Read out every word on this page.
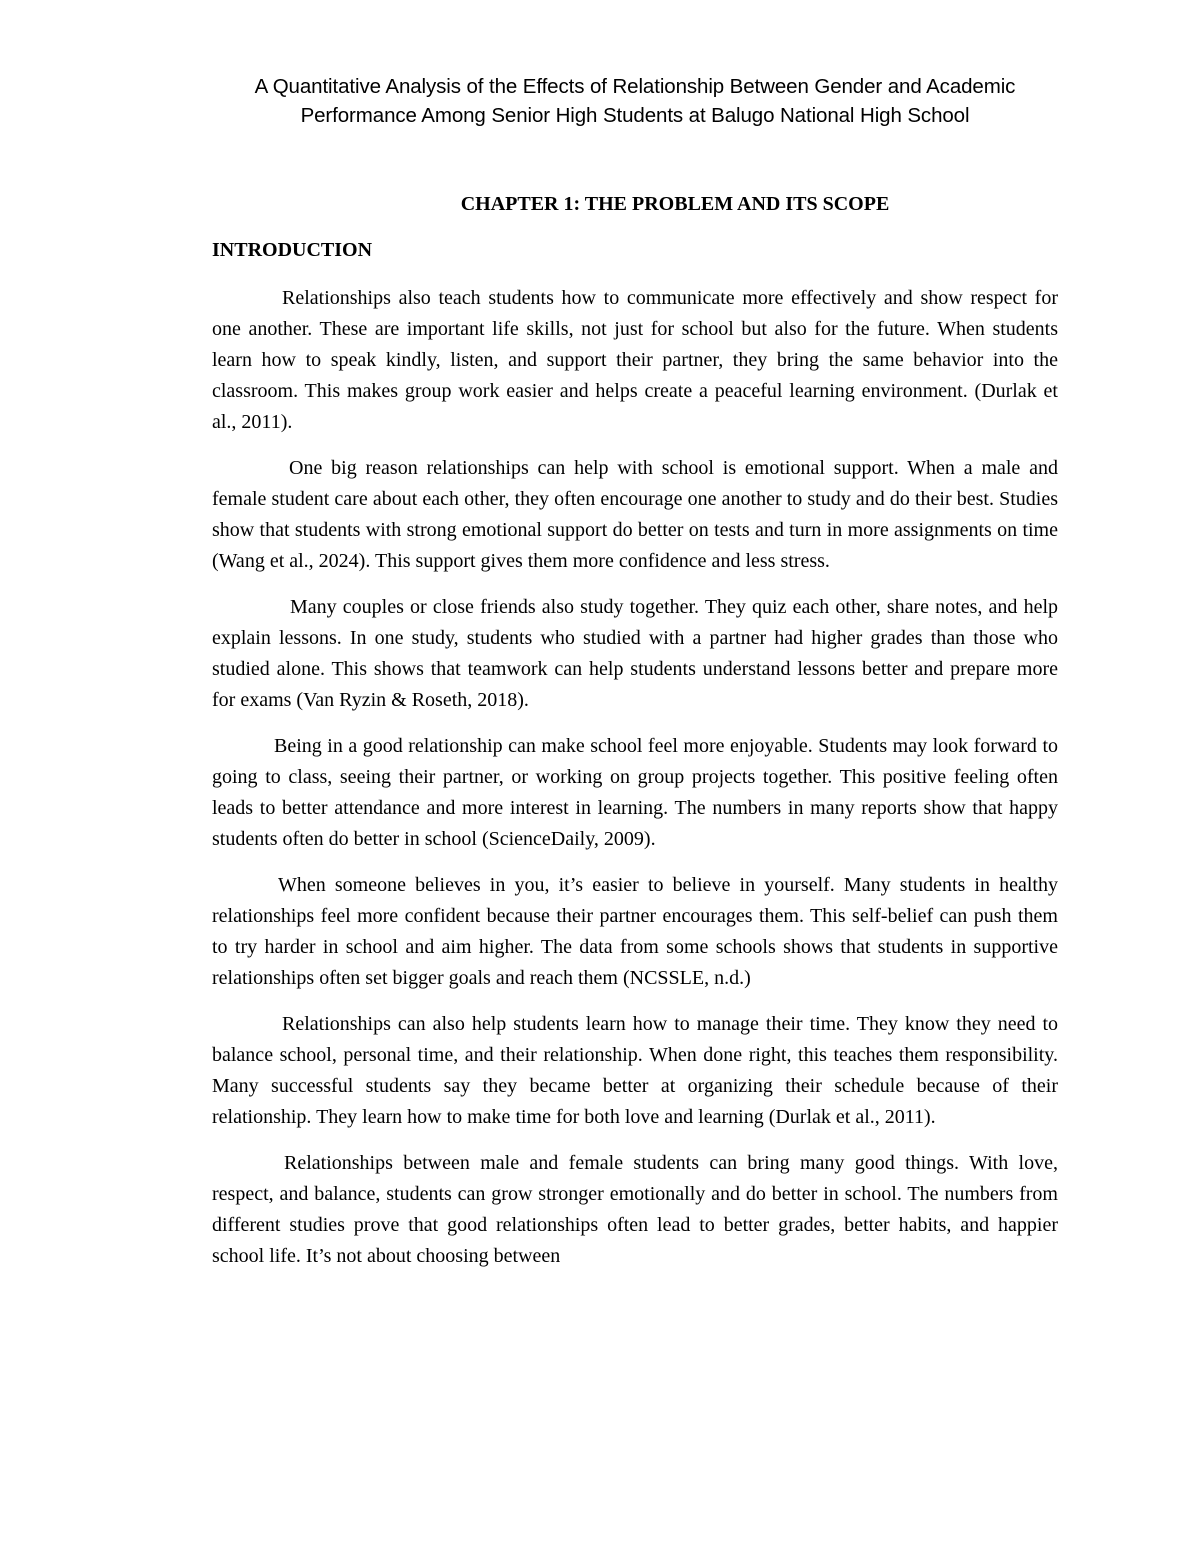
A Quantitative Analysis of the Effects of Relationship Between Gender and Academic
Performance Among Senior High Students at Balugo National High School
CHAPTER 1: THE PROBLEM AND ITS SCOPE
INTRODUCTION

Relationships also teach students how to communicate more effectively and show respect for one another. These are important life skills, not just for school but also for the future. When students learn how to speak kindly, listen, and support their partner, they bring the same behavior into the classroom. This makes group work easier and helps create a peaceful learning environment. (Durlak et al., 2011).

One big reason relationships can help with school is emotional support. When a male and female student care about each other, they often encourage one another to study and do their best. Studies show that students with strong emotional support do better on tests and turn in more assignments on time (Wang et al., 2024). This support gives them more confidence and less stress.

Many couples or close friends also study together. They quiz each other, share notes, and help explain lessons. In one study, students who studied with a partner had higher grades than those who studied alone. This shows that teamwork can help students understand lessons better and prepare more for exams (Van Ryzin & Roseth, 2018).

Being in a good relationship can make school feel more enjoyable. Students may look forward to going to class, seeing their partner, or working on group projects together. This positive feeling often leads to better attendance and more interest in learning. The numbers in many reports show that happy students often do better in school (ScienceDaily, 2009).

When someone believes in you, it’s easier to believe in yourself. Many students in healthy relationships feel more confident because their partner encourages them. This self-belief can push them to try harder in school and aim higher. The data from some schools shows that students in supportive relationships often set bigger goals and reach them (NCSSLE, n.d.)

Relationships can also help students learn how to manage their time. They know they need to balance school, personal time, and their relationship. When done right, this teaches them responsibility. Many successful students say they became better at organizing their schedule because of their relationship. They learn how to make time for both love and learning (Durlak et al., 2011).

Relationships between male and female students can bring many good things. With love, respect, and balance, students can grow stronger emotionally and do better in school. The numbers from different studies prove that good relationships often lead to better grades, better habits, and happier school life. It’s not about choosing between
